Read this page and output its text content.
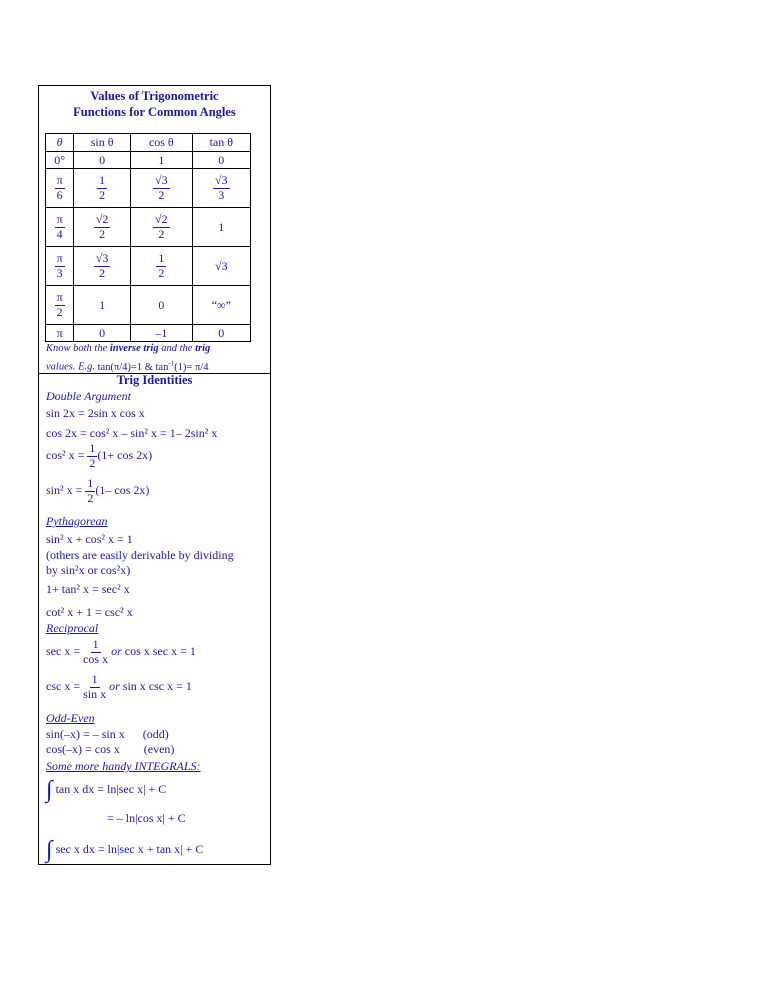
Values of Trigonometric
Functions for Common Angles
θ	sin θ	cos θ	tan θ
0°	0	1	0

$\frac{\pi}{6}$	$\frac{1}{2}$	$\frac{√3}{2}$	$\frac{√3}{3}$

$\frac{\pi}{4}$	$\frac{√2}{2}$	$\frac{√2}{2}$	1

$\frac{\pi}{3}$	$\frac{√3}{2}$	$\frac{1}{2}$	√3

$\frac{\pi}{2}$	1	0	“∞”
π	0	–1	0
Know both the inverse trig and the trig
values. E.g. tan(π/4)=1 & $\tan^{-1}(1)= \pi/4$
Trig Identities
Double Argument
sin 2x = 2sin x cos x
cos 2x = cos² x – sin² x = 1– 2sin² x
cos² $x = \frac{1}{2} (1+ \cos 2x)$
sin² $x = \frac{1}{2} (1-$ cos 2x)
Pythagorean
sin² x + cos² x = 1
(others are easily derivable by dividing
by sin²x or cos²x)
1+ tan² x = sec² x
cot² x + 1 = csc² x
Reciprocal
$\sec x = \frac{1}{\text{cos x}}$ or cos x sec x = 1
$\csc x = \frac{1}{\text{sin x}}$ or sin x csc x = 1
Odd-Even
sin(–x) = – sin x (odd)
cos(–x) = cos x (even)
Some more handy INTEGRALS:
∫ tan x dx = ln|sec x| + C
= – ln|cos x| + C
∫ sec x dx = ln|sec x + tan x| + C
